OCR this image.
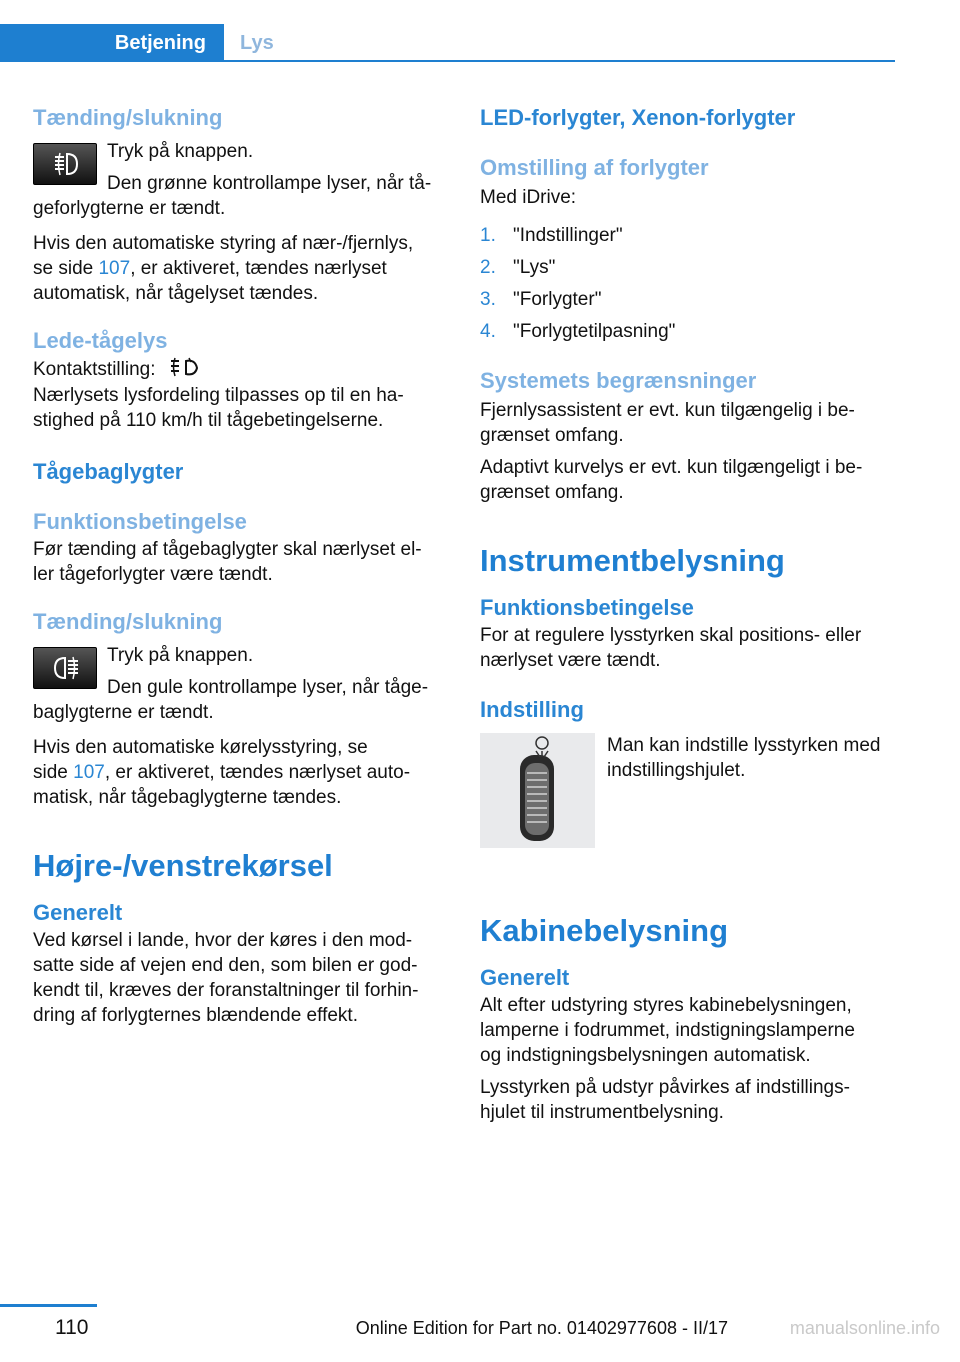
Betjening Lys

Tænding/slukning

Tryk på knappen.

Den grønne kontrollampe lyser, når tå‐

geforlygterne er tændt.

Hvis den automatiske styring af nær-/fjernlys,

se side 107, er aktiveret, tændes nærlyset

automatisk, når tågelyset tændes.

Lede-tågelys

Kontaktstilling:

Nærlysets lysfordeling tilpasses op til en ha‐

stighed på 110 km/h til tågebetingelserne.

Tågebaglygter

Funktionsbetingelse

Før tænding af tågebaglygter skal nærlyset el‐

ler tågeforlygter være tændt.

Tænding/slukning

Tryk på knappen.

Den gule kontrollampe lyser, når tåge‐

baglygterne er tændt.

Hvis den automatiske kørelysstyring, se

side 107, er aktiveret, tændes nærlyset auto‐

matisk, når tågebaglygterne tændes.

Højre-/venstrekørsel

Generelt

Ved kørsel i lande, hvor der køres i den mod‐

satte side af vejen end den, som bilen er god‐

kendt til, kræves der foranstaltninger til forhin‐

dring af forlygternes blændende effekt.

LED-forlygter, Xenon-forlygter

Omstilling af forlygter

Med iDrive:

1. "Indstillinger"
2. "Lys"
3. "Forlygter"
4. "Forlygtetilpasning"

Systemets begrænsninger

Fjernlysassistent er evt. kun tilgængelig i be‐

grænset omfang.

Adaptivt kurvelys er evt. kun tilgængeligt i be‐

grænset omfang.

Instrumentbelysning

Funktionsbetingelse

For at regulere lysstyrken skal positions- eller

nærlyset være tændt.

Indstilling

Man kan indstille lysstyrken med

indstillingshjulet.

Kabinebelysning

Generelt

Alt efter udstyring styres kabinebelysningen,

lamperne i fodrummet, indstigningslamperne

og indstigningsbelysningen automatisk.

Lysstyrken på udstyr påvirkes af indstillings‐

hjulet til instrumentbelysning.

110	Online Edition for Part no. 01402977608 - II/17	manualsonline.info
